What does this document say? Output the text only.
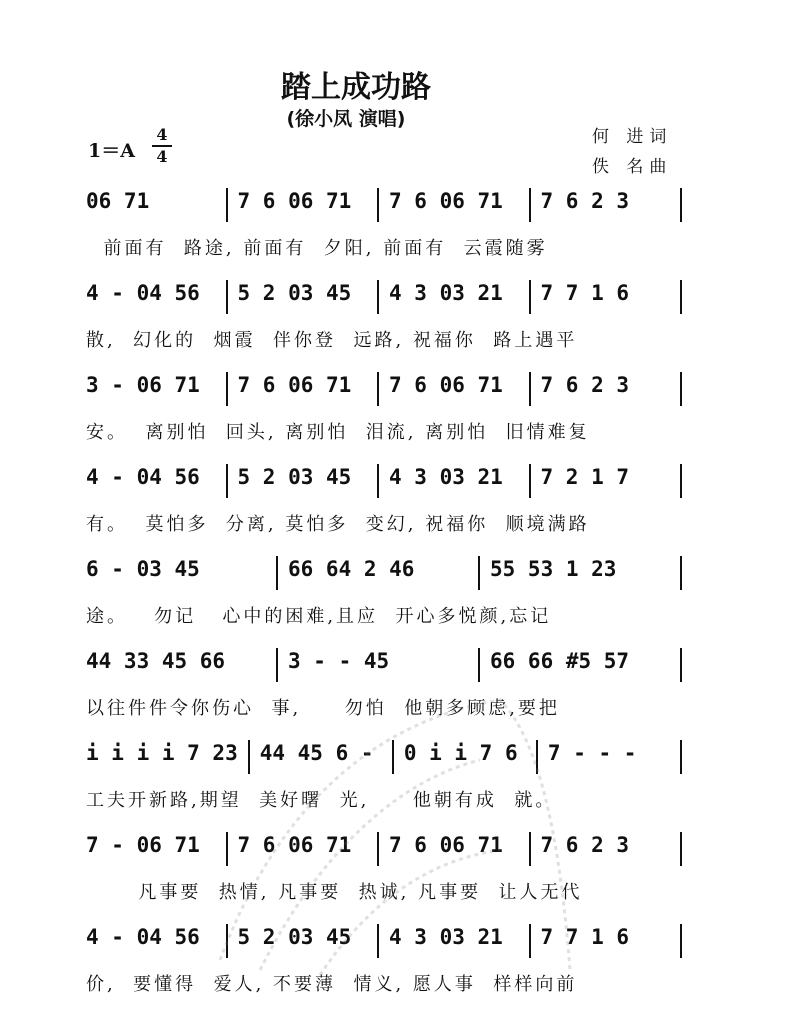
踏上成功路
(徐小凤 演唱)
1＝A
4
4
何 进词
佚 名曲
06 71	7 6 06 71	7 6 06 71	7 6 2 3
前面有  路途, 前面有  夕阳, 前面有  云霞随雾
4 - 04 56	5 2 03 45	4 3 03 21	7 7 1 6
散,  幻化的  烟霞  伴你登  远路, 祝福你  路上遇平
3 - 06 71	7 6 06 71	7 6 06 71	7 6 2 3
安。  离别怕  回头, 离别怕  泪流, 离别怕  旧情难复
4 - 04 56	5 2 03 45	4 3 03 21	7 2 1 7
有。  莫怕多  分离, 莫怕多  变幻, 祝福你  顺境满路
6 - 03 45	66 64 2 46	55 53 1 23
途。   勿记   心中的困难,且应  开心多悦颜,忘记
44 33 45 66	3 - - 45	66 66 #5 57
以往件件令你伤心  事,     勿怕  他朝多顾虑,要把
i i i i 7 23 44 45 6 -	0 i i 7 6	7 - - -
工夫开新路,期望  美好曙  光,     他朝有成  就。
7 - 06 71	7 6 06 71	7 6 06 71	7 6 2 3
凡事要  热情, 凡事要  热诚, 凡事要  让人无代
4 - 04 56	5 2 03 45	4 3 03 21	7 7 1 6
价,  要懂得  爱人, 不要薄  情义, 愿人事  样样向前
